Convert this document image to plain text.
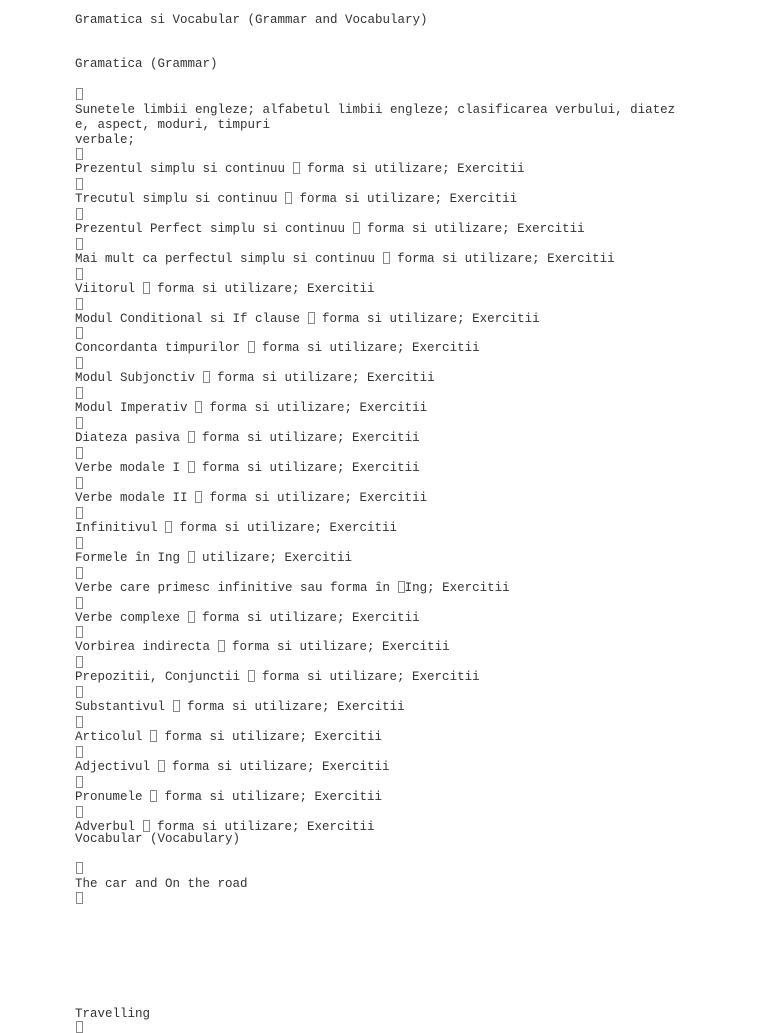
Gramatica si Vocabular (Grammar and Vocabulary)
Gramatica (Grammar)
Sunetele limbii engleze; alfabetul limbii engleze; clasificarea verbului, diatez
e, aspect, moduri, timpuri
verbale;
Prezentul simplu si continuu  forma si utilizare; Exercitii
Trecutul simplu si continuu  forma si utilizare; Exercitii
Prezentul Perfect simplu si continuu  forma si utilizare; Exercitii
Mai mult ca perfectul simplu si continuu  forma si utilizare; Exercitii
Viitorul  forma si utilizare; Exercitii
Modul Conditional si If clause  forma si utilizare; Exercitii
Concordanta timpurilor  forma si utilizare; Exercitii
Modul Subjonctiv  forma si utilizare; Exercitii
Modul Imperativ  forma si utilizare; Exercitii
Diateza pasiva  forma si utilizare; Exercitii
Verbe modale I  forma si utilizare; Exercitii
Verbe modale II  forma si utilizare; Exercitii
Infinitivul  forma si utilizare; Exercitii
Formele în Ing  utilizare; Exercitii
Verbe care primesc infinitive sau forma în Ing; Exercitii
Verbe complexe  forma si utilizare; Exercitii
Vorbirea indirecta  forma si utilizare; Exercitii
Prepozitii, Conjunctii  forma si utilizare; Exercitii
Substantivul  forma si utilizare; Exercitii
Articolul  forma si utilizare; Exercitii
Adjectivul  forma si utilizare; Exercitii
Pronumele  forma si utilizare; Exercitii
Adverbul  forma si utilizare; Exercitii
Vocabular (Vocabulary)
The car and On the road
Travelling
